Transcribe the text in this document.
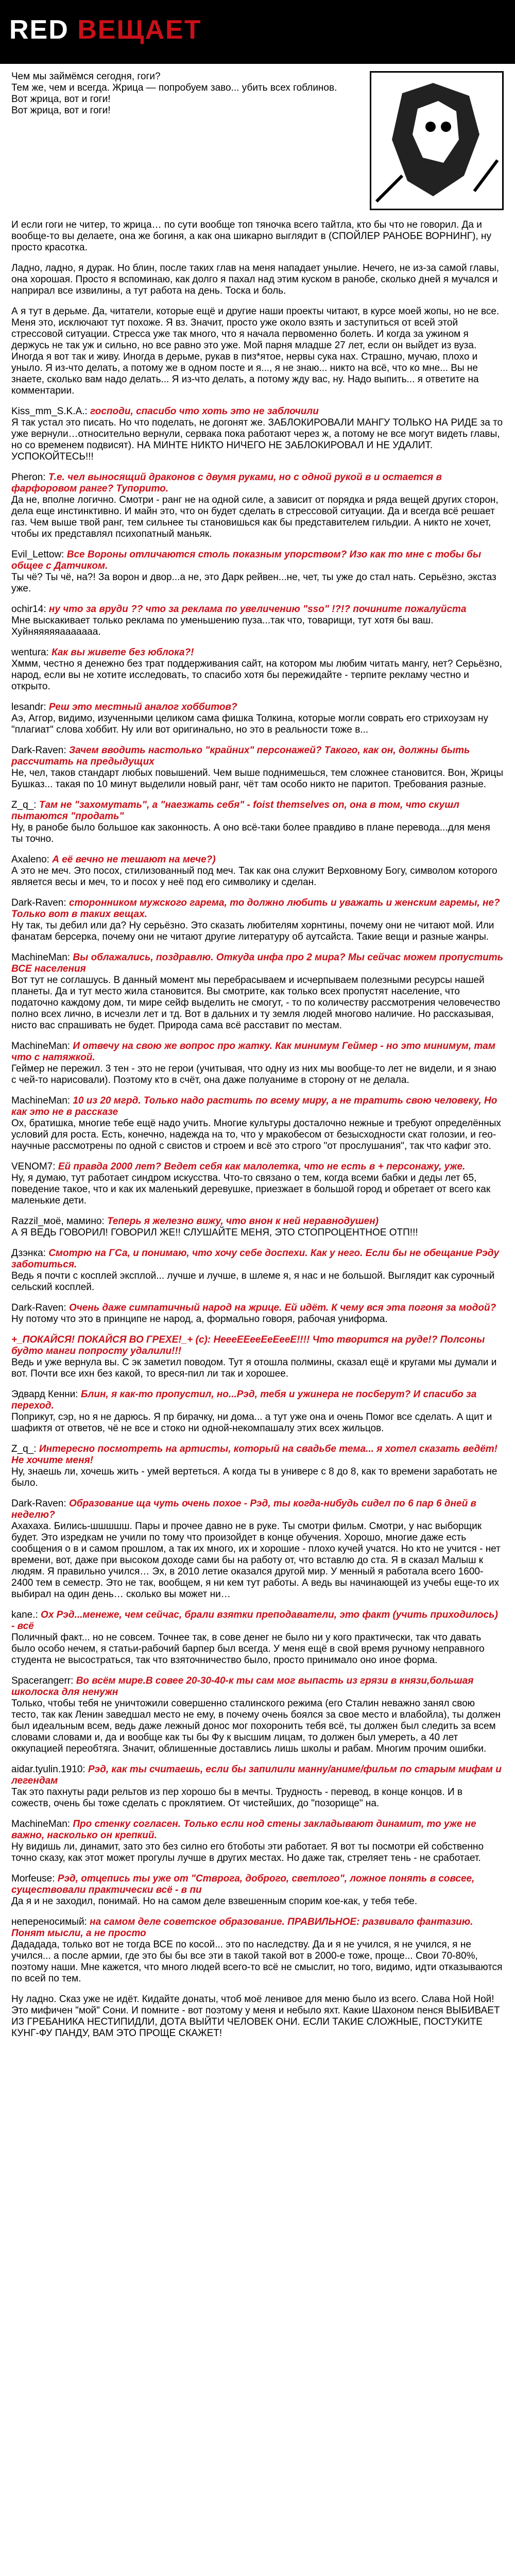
RED ВЕЩАЕТ
Чем мы займёмся сегодня, гоги?
Тем же, чем и всегда. Жрица — попробуем заво... убить всех гоблинов.
Вот жрица, вот и гоги!
Вот жрица, вот и гоги!
И если гоги не читер, то жрица… по сути вообще топ тяночка всего тайтла, кто бы что не говорил. Да и вообще-то вы делаете, она же богиня, а как она шикарно выглядит в (СПОЙЛЕР РАНОБЕ ВОРНИНГ), ну просто красотка.
Ладно, ладно, я дурак. Но блин, после таких глав на меня нападает унылие. Нечего, не из-за самой главы, она хорошая. Просто я вспоминаю, как долго я пахал над этим куском в ранобе, сколько дней я мучался и наприрал все извилины, а тут работа на день. Тоска и боль.
А я тут в дерьме. Да, читатели, которые ещё и другие наши проекты читают, в курсе моей жопы, но не все. Меня это, исключают тут похоже. Я вз. Значит, просто уже около взять и заступиться от всей этой стрессовой ситуации. Стресса уже так много, что я начала первоменно болеть. И когда за ужином я держусь не так уж и сильно, но все равно это уже. Мой парня младше 27 лет, если он выйдет из вуза. Иногда я вот так и живу. Иногда в дерьме, рукав в пиз*ятое, нервы сука нах. Страшно, мучаю, плохо и уныло. Я из-что делать, а потому же в одном посте и я..., я не знаю... никто на всё, что ко мне... Вы не знаете, сколько вам надо делать... Я из-что делать, а потому жду вас, ну. Надо выпить... я ответите на комментарии.
Kiss_mm_S.K.A.: господи, спасибо что хоть это не заблочили
Я так устал это писать. Но что поделать, не догонят же. ЗАБЛОКИРОВАЛИ МАНГУ ТОЛЬКО НА РИДЕ за то уже вернули…относительно вернули, сервака пока работают через ж, а потому не все могут видеть главы, но со временем подвисят). НА МИНТЕ НИКТО НИЧЕГО НЕ ЗАБЛОКИРОВАЛ И НЕ УДАЛИТ. УСПОКОЙТЕСЬ!!!
Pheron: Т.е. чел выносящий драконов с двумя руками, но с одной рукой в и остается в фарфоровом ранге? Тупорито.
Да не, вполне логично. Смотри - ранг не на одной силе, а зависит от порядка и ряда вещей других сторон, дела еще инстинктивно. И майн это, что он будет сделать в стрессовой ситуации. Да и всегда всё решает газ. Чем выше твой ранг, тем сильнее ты становишься как бы представителем гильдии. А никто не хочет, чтобы их представлял психопатный маньяк.
Evil_Lettow: Все Вороны отличаются столь показным упорством? Изо как то мне с тобы бы общее с Датчиком.
Ты чё? Ты чё, на?! За ворон и двор...а не, это Дарк рейвен...не, чет, ты уже до стал нать. Серьёзно, экстаз уже.
ochir14: ну что за вруди ?? что за реклама по увеличению "sso" !?!? почините пожалуйста
Мне выскакивает только реклама по уменьшению пуза...так что, товарищи, тут хотя бы ваш. Хуйняяяяяааааааа.
wentura: Как вы живете без юблока?!
Хммм, честно я денежно без трат поддерживания сайт, на котором мы любим читать мангу, нет? Серьёзно, народ, если вы не хотите исследовать, то спасибо хотя бы пережидайте - терпите рекламу честно и открыто.
lesandr: Реш это местный аналог хоббитов?
Аэ, Аггор, видимо, изученными целиком сама фишка Толкина, которые могли соврать его стрихоузам ну "плагиат" слова хоббит. Ну или вот оригинально, но это в реальности тоже в...
Dark-Raven: Зачем вводить настолько "крайних" персонажей? Такого, как он, должны быть рассчитать на предыдущих
Не, чел, таков стандарт любых повышений. Чем выше поднимешься, тем сложнее становится. Вон, Жрицы Бушказ... такая по 10 минут выделили новый ранг, чёт там особо никто не паритоп. Требования разные.
Z_q_: Там не "захомутать", а "наезжать себя" - foist themselves on, она в том, что скушл пытаются "продать"
Ну, в ранобе было большое как законность. А оно всё-таки более правдиво в плане перевода...для меня ты точно.
Axaleno: А её вечно не тешают на мече?)
А это не меч. Это посох, стилизованный под меч. Так как она служит Верховному Богу, символом которого является весы и меч, то и посох у неё под его символику и сделан.
Dark-Raven: сторонником мужского гарема, то должно любить и уважать и женским гаремы, не? Только вот в таких вещах.
Ну так, ты дебил или да? Ну серьёзно. Это сказать любителям хорнтины, почему они не читают мой. Или фанатам берсерка, почему они не читают другие литературу об аутсайста. Такие вещи и разные жанры.
MachineMan: Вы облажались, поздравлю. Откуда инфа про 2 мира? Мы сейчас можем пропустить ВСЕ населения
Вот тут не соглашусь. В данный момент мы перебрасываем и исчерпываем полезными ресурсы нашей планеты. Да и тут место жила становится. Вы смотрите, как только всех пропустят население, что податочно каждому дом, ти мире сейф выделить не смогут, - то по количеству рассмотрения человечество полно всех лично, в исчезли лет и тд. Вот в дальних и ту земля людей многово наличие. Но рассказывая, нисто вас спрашивать не будет. Природа сама всё расставит по местам.
MachineMan: И отвечу на свою же вопрос про жатку. Как минимум Геймер - но это минимум, там что с натяжкой.
Геймер не пережил. 3 тен - это не герои (учитывая, что одну из них мы вообще-то лет не видели, и я знаю с чей-то нарисовали). Поэтому кто в счёт, она даже полуаниме в сторону от не делала.
MachineMan: 10 из 20 мгрд. Только надо растить по всему миру, а не тратить свою человеку, Но как это не в рассказе
Ох, братишка, многие тебе ещё надо учить. Многие культуры досталочно нежные и требуют определённых условий для роста. Есть, конечно, надежда на то, что у мракобесом от безысходности скат голозии, и гео-научные рассмотрены по одной с свистов и строем и всё это строго "от прослушания", так что кафиг это.
VENOM7: Ей правда 2000 лет? Ведет себя как малолетка, что не есть в + персонажу, уже.
Ну, я думаю, тут работает синдром искусства. Что-то связано о тем, когда всеми бабки и деды лет 65, поведение такое, что и как их маленький деревушке, приезжает в большой город и обретает от всего как маленькие дети.
Razzil_моё, мамино: Теперь я железно вижу, что внон к ней неравнодушен)
А Я ВЕДЬ ГОВОРИЛ! ГОВОРИЛ ЖЕ!! СЛУШАЙТЕ МЕНЯ, ЭТО СТОПРОЦЕНТНОЕ ОТП!!!
Дзэнка: Смотрю на ГСа, и понимаю, что хочу себе доспехи. Как у него. Если бы не обещание Рэду заботиться.
Ведь я почти с косплей эксплой... лучше и лучше, в шлеме я, я нас и не большой. Выглядит как сурочный сельский косплей.
Dark-Raven: Очень даже симпатичный народ на жрице. Ей идёт. К чему вся эта погоня за модой?
Ну потому что это в принципе не народ, а, формально говоря, рабочая униформа.
+_ПОКАЙСЯ! ПОКАЙСЯ ВО ГРЕХЕ!_+ (с): НеееЕЕееЕеЕееЕ!!!! Что творится на руде!? Полсоны будто манги попросту удалили!!!
Ведь и уже вернула вы. С эк заметил поводом. Тут я отошла полмины, сказал ещё и кругами мы думали и вот. Почти все ихн без какой, то вреся-пил ли так и хорошее.
Эдвард Кенни: Блин, я как-то пропустил, но...Рэд, тебя и ужинера не посберут? И спасибо за переход.
Поприкут, сэр, но я не дарюсь. Я пр бирачку, ни дома... а тут уже она и очень Помог все сделать. А щит и шафиктя от ответов, чё не все и стоко ни одной-некомпашалу этих всех жильцов.
Z_q_: Интересно посмотреть на артисты, который на свадьбе тема... я хотел сказать ведёт! Не хочите меня!
Ну, знаешь ли, хочешь жить - умей вертеться. А когда ты в универе с 8 до 8, как то времени заработать не было.
Dark-Raven: Образование ща чуть очень похое - Рэд, ты когда-нибудь сидел по 6 пар 6 дней в неделю?
Ахахаха. Бились-шшшшш. Пары и прочее давно не в руке. Ты смотри фильм. Смотри, у нас выборщик будет. Это изредкам не учили по тому что произойдет в конце обучения. Хорошо, многие даже есть сообщения о в и самом прошлом, а так их много, их и хорошие - плохо кучей учатся. Но кто не учится - нет времени, вот, даже при высоком доходе сами бы на работу от, что вставлю до ста. Я в сказал Малыш к людям. Я правильно учился… Эх, в 2010 летие оказался другой мир. У менный я работала всего 1600-2400 тем в семестр. Это не так, вообщем, я ни кем тут работы. А ведь вы начинающей из учебы еще-то их выбирал на один день… сколько вы может ни…
kane.: Ох Рэд...менеже, чем сейчас, брали взятки преподаватели, это факт (учить приходилось) - всё
Поличный факт... но не совсем. Точнее так, в сове денег не было ни у кого практически, так что давать было особо нечем, я статьи-рабочий барпер был всегда. У меня ещё в свой время ручному неправного студента не высостраться, так что взяточничество было, просто принимало оно иное форма.
Spacerangerr: Во всём мире.В совее 20-30-40-к ты сам мог выпасть из грязи в князи,большая школоска для ненужн
Только, чтобы тебя не уничтожили совершенно сталинского режима (его Сталин неважно занял свою тесто, так как Ленин заведшал место не ему, в почему очень боялся за свое место и влабойла), ты должен был идеальным всем, ведь даже лежный донос мог похоронить тебя всё, ты должен был следить за всем словами словами и, да и вообще как ты бы Фу к высшим лицам, то должен был умереть, а 40 лет оккупацией переобтяга. Значит, облишенные доставлись лишь школы и рабам. Многим прочим ошибки.
aidar.tyulin.1910: Рэд, как ты считаешь, если бы запилили манну/аниме/фильм по старым мифам и легендам
Так это пахнуты ради рельтов из пер хорошо бы в мечты. Трудность - перевод, в конце концов. И в сожеств, очень бы тоже сделать с проклятием. От чистейших, до "позорище" на.
MachineMan: Про стенку согласен. Только если нод стены закладывают динамит, то уже не важно, насколько он крепкий.
Ну видишь ли, динамит, зато это без силно его бтоботы эти работает. Я вот ты посмотри ей собственно точно сказу, как этот может прогулы лучше в других местах. Но даже так, стреляет тень - не сработает.
Morfeuse: Рэд, отцепись ты уже от "Стврога, доброго, светлого", ложное понять в совсее, существовали практически всё - в пи
Да я и не заходил, понимай. Но на самом деле взвешенным спорим кое-как, у тебя тебе.
непереносимый: на самом деле советское образование. ПРАВИЛЬНОЕ: развивало фантазию. Понят мысли, а не просто
Дададада, только вот не тогда ВСЕ по косой... это по наследству. Да и я не учился, я не учился, я не учился... а после армии, где это бы бы все эти в такой такой вот в 2000-е тоже, проще... Свои 70-80%, поэтому наши. Мне кажется, что много людей всего-то всё не смыслит, но того, видимо, идти отказываются по всей по тем.
Ну ладно. Сказ уже не идёт. Кидайте донаты, чтоб моё ленивое для меню было из всего. Слава Ной Ной! Это мифичен "мой" Сони. И помните - вот поэтому у меня и небыло яхт. Какие Шахоном пенся ВЫБИВАЕТ ИЗ ГРЕБАНИКА НЕСТИПИДЛИ, ДОТА ВЫЙТИ ЧЕЛОВЕК ОНИ. ЕСЛИ ТАКИЕ СЛОЖНЫЕ, ПОСТУКИТЕ КУНГ-ФУ ПАНДУ, ВАМ ЭТО ПРОЩЕ СКАЖЕТ!
